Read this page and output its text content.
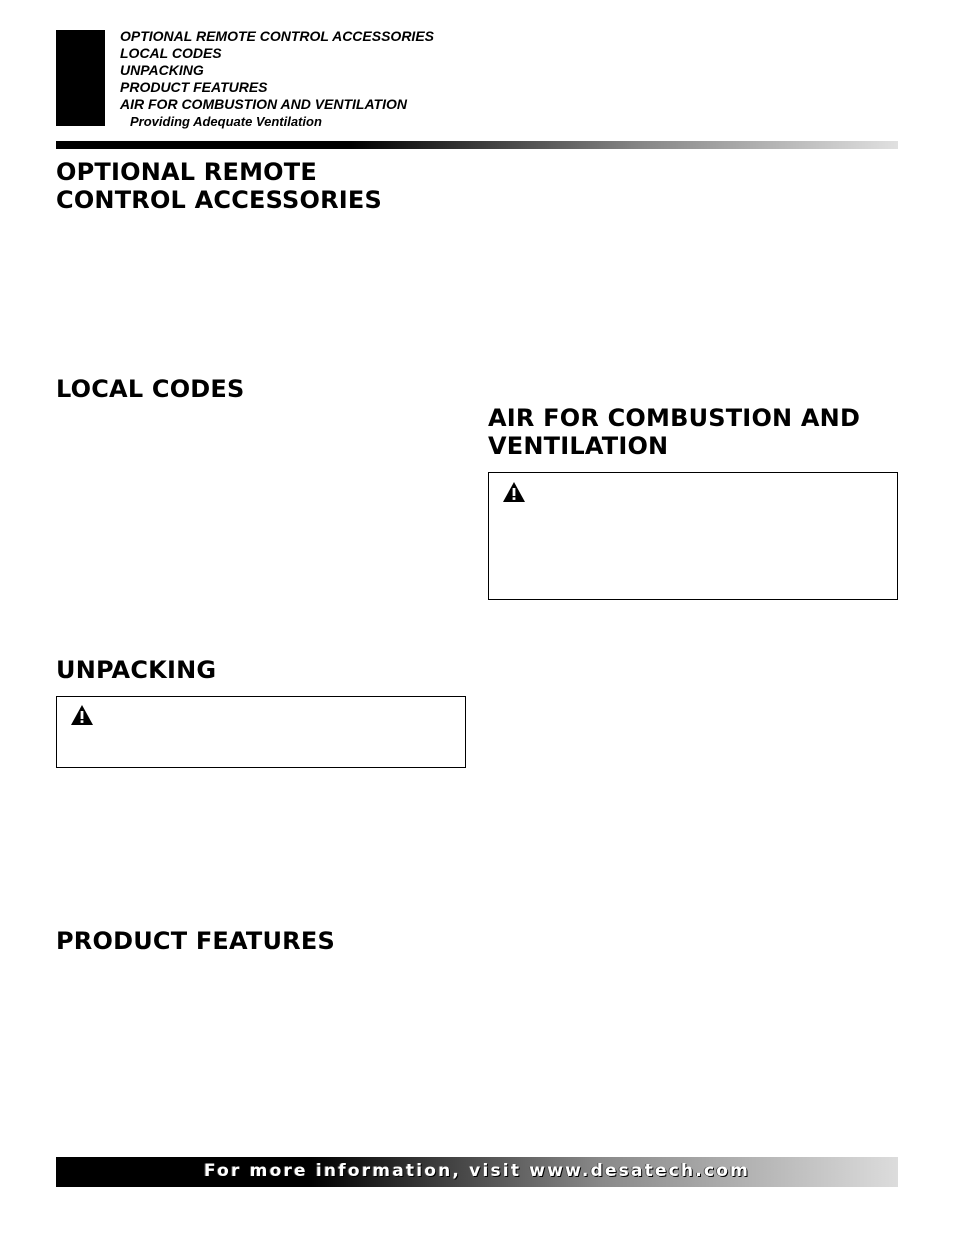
OPTIONAL REMOTE CONTROL ACCESSORIES
LOCAL CODES
UNPACKING
PRODUCT FEATURES
AIR FOR COMBUSTION AND VENTILATION
Providing Adequate Ventilation
OPTIONAL REMOTE
CONTROL ACCESSORIES
LOCAL CODES
AIR FOR COMBUSTION AND
VENTILATION
UNPACKING
PRODUCT FEATURES
For more information, visit www.desatech.com
